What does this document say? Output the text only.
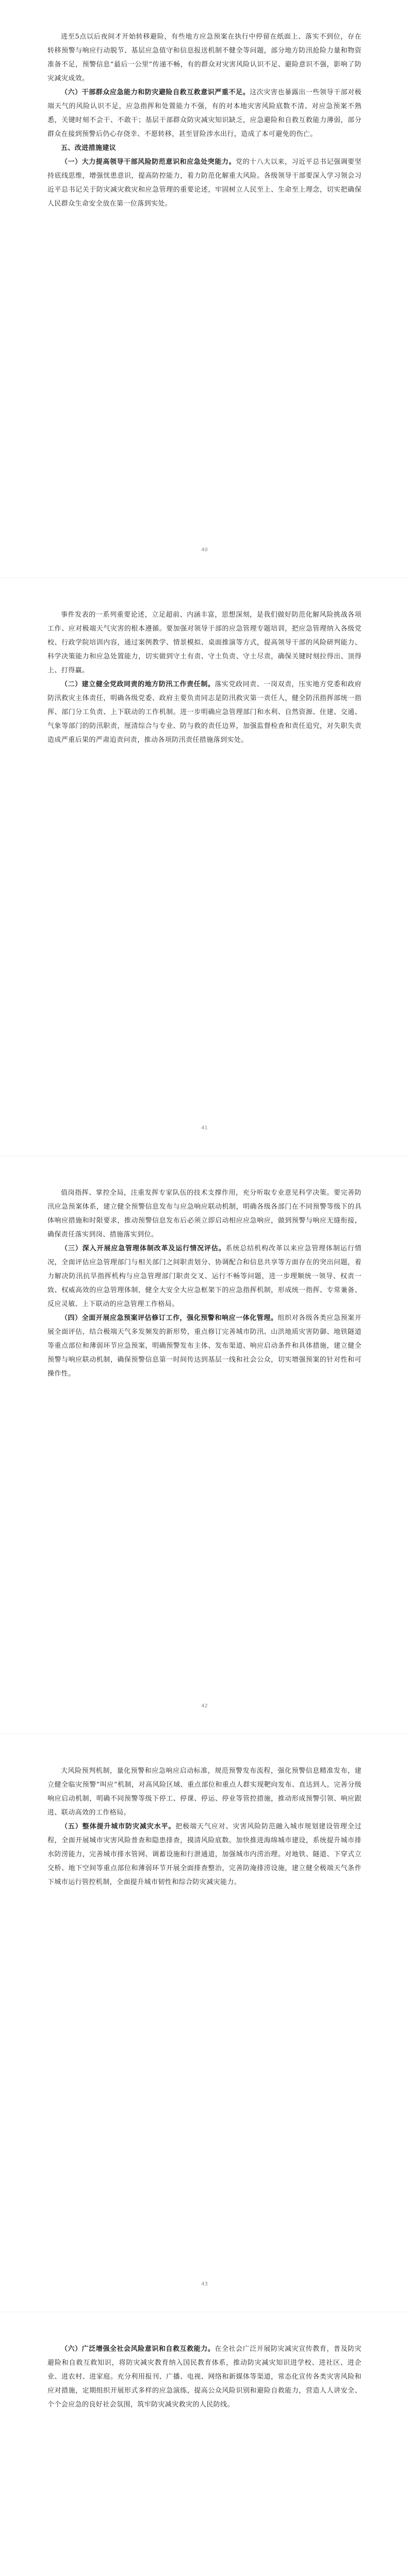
进至5点以后夜间才开始转移避险，有些地方应急预案在执行中停留在纸面上、落实不到位，存在转移预警与响应行动脱节、基层应急值守和信息报送机制不健全等问题，部分地方防汛抢险力量和物资准备不足，预警信息“最后一公里”传递不畅，有的群众对灾害风险认识不足、避险意识不强，影响了防灾减灾成效。

（六）干部群众应急能力和防灾避险自救互救意识严重不足。这次灾害也暴露出一些领导干部对极端天气的风险认识不足，应急指挥和处置能力不强，有的对本地灾害风险底数不清、对应急预案不熟悉，关键时刻不会干、不敢干；基层干部群众防灾减灾知识缺乏，应急避险和自救互救能力薄弱，部分群众在接到预警后仍心存侥幸、不愿转移，甚至冒险涉水出行，造成了本可避免的伤亡。

五、改进措施建议

（一）大力提高领导干部风险防范意识和应急处突能力。党的十八大以来，习近平总书记强调要坚持底线思维，增强忧患意识，提高防控能力，着力防范化解重大风险。各级领导干部要深入学习领会习近平总书记关于防灾减灾救灾和应急管理的重要论述，牢固树立人民至上、生命至上理念，切实把确保人民群众生命安全放在第一位落到实处。

40

事件发表的一系列重要论述，立足超前、内涵丰富，思想深刻，是我们做好防范化解风险挑战各项工作、应对极端天气灾害的根本遵循。要加强对领导干部的应急管理专题培训，把应急管理纳入各级党校、行政学院培训内容，通过案例教学、情景模拟、桌面推演等方式，提高领导干部的风险研判能力、科学决策能力和应急处置能力，切实做到守土有责、守土负责、守土尽责，确保关键时刻拉得出、顶得上、打得赢。

（二）建立健全党政同责的地方防汛工作责任制。落实党政同责、一岗双责，压实地方党委和政府防汛救灾主体责任，明确各级党委、政府主要负责同志是防汛救灾第一责任人，健全防汛指挥部统一指挥、部门分工负责、上下联动的工作机制。进一步明确应急管理部门和水利、自然资源、住建、交通、气象等部门的防汛职责，厘清综合与专业、防与救的责任边界，加强监督检查和责任追究，对失职失责造成严重后果的严肃追责问责，推动各项防汛责任措施落到实处。

41

值岗指挥、掌控全局，注重发挥专家队伍的技术支撑作用，充分听取专业意见科学决策。要完善防汛应急预案体系，建立健全预警信息发布与应急响应联动机制，明确各级各部门在不同预警等级下的具体响应措施和时限要求，推动预警信息发布后必须立即启动相应应急响应，做到预警与响应无缝衔接，确保责任落实到岗、措施落实到位。

（三）深入开展应急管理体制改革及运行情况评估。系统总结机构改革以来应急管理体制运行情况，全面评估应急管理部门与相关部门之间职责划分、协调配合和信息共享等方面存在的突出问题，着力解决防汛抗旱指挥机构与应急管理部门职责交叉、运行不畅等问题，进一步理顺统一领导、权责一致、权威高效的应急管理体制，健全大安全大应急框架下的应急指挥机制，形成统一指挥、专常兼备、反应灵敏、上下联动的应急管理工作格局。

（四）全面开展应急预案评估修订工作，强化预警和响应一体化管理。组织对各级各类应急预案开展全面评估，结合极端天气多发频发的新形势，重点修订完善城市防汛、山洪地质灾害防御、地铁隧道等重点部位和薄弱环节应急预案，明确预警发布主体、发布渠道、响应启动条件和具体措施，建立健全预警与响应联动机制，确保预警信息第一时间传达到基层一线和社会公众，切实增强预案的针对性和可操作性。

42

大风险预判机制，量化预警和应急响应启动标准，规范预警发布流程，强化预警信息精准发布，建立健全临灾预警“叫应”机制，对高风险区域、重点部位和重点人群实现靶向发布、直达到人。完善分级响应启动机制，明确不同预警等级下停工、停课、停运、停业等管控措施，推动形成预警引领、响应跟进、联动高效的工作格局。

（五）整体提升城市防灾减灾水平。把极端天气应对、灾害风险防范融入城市规划建设管理全过程，全面开展城市灾害风险普查和隐患排查，摸清风险底数。加快推进海绵城市建设，系统提升城市排水防涝能力，完善城市排水管网、调蓄设施和行泄通道，加强城市内涝治理。对地铁、隧道、下穿式立交桥、地下空间等重点部位和薄弱环节开展全面排查整治，完善防淹排涝设施，建立健全极端天气条件下城市运行管控机制，全面提升城市韧性和综合防灾减灾能力。

43

（六）广泛增强全社会风险意识和自救互救能力。在全社会广泛开展防灾减灾宣传教育，普及防灾避险和自救互救知识，将防灾减灾教育纳入国民教育体系，推动防灾减灾知识进学校、进社区、进企业、进农村、进家庭。充分利用报刊、广播、电视、网络和新媒体等渠道，常态化宣传各类灾害风险和应对措施，定期组织开展形式多样的应急演练，提高公众风险识别和避险自救能力，营造人人讲安全、个个会应急的良好社会氛围，筑牢防灾减灾救灾的人民防线。
